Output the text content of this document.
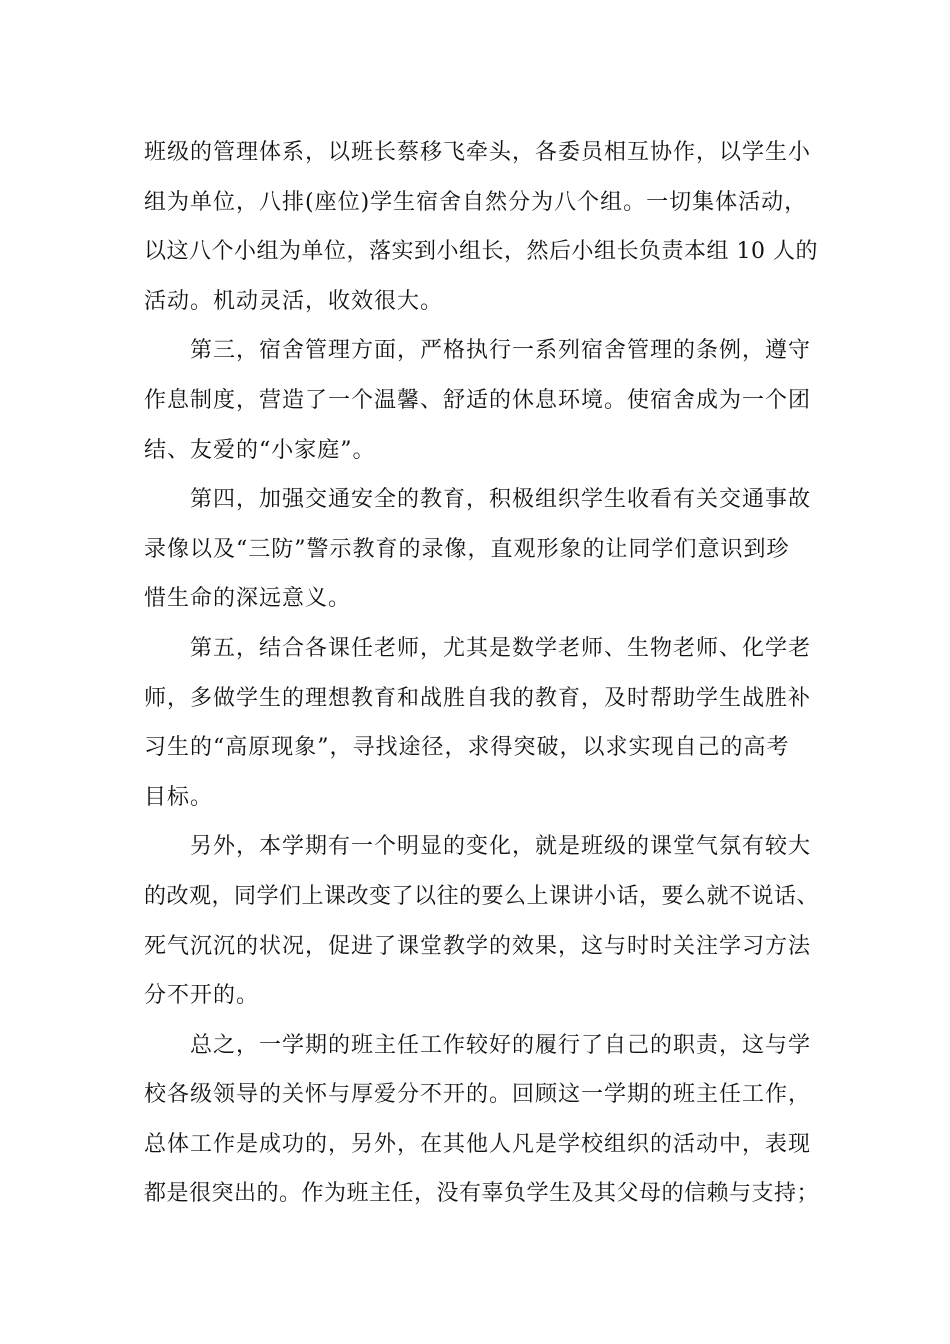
班级的管理体系，以班长蔡移飞牵头，各委员相互协作，以学生小
组为单位，八排(座位)学生宿舍自然分为八个组。一切集体活动，
以这八个小组为单位，落实到小组长，然后小组长负责本组 10 人的
活动。机动灵活，收效很大。
第三，宿舍管理方面，严格执行一系列宿舍管理的条例，遵守
作息制度，营造了一个温馨、舒适的休息环境。使宿舍成为一个团
结、友爱的“小家庭”。
第四，加强交通安全的教育，积极组织学生收看有关交通事故
录像以及“三防”警示教育的录像，直观形象的让同学们意识到珍
惜生命的深远意义。
第五，结合各课任老师，尤其是数学老师、生物老师、化学老
师，多做学生的理想教育和战胜自我的教育，及时帮助学生战胜补
习生的“高原现象”，寻找途径，求得突破，以求实现自己的高考
目标。
另外，本学期有一个明显的变化，就是班级的课堂气氛有较大
的改观，同学们上课改变了以往的要么上课讲小话，要么就不说话、
死气沉沉的状况，促进了课堂教学的效果，这与时时关注学习方法
分不开的。
总之，一学期的班主任工作较好的履行了自己的职责，这与学
校各级领导的关怀与厚爱分不开的。回顾这一学期的班主任工作，
总体工作是成功的，另外，在其他人凡是学校组织的活动中，表现
都是很突出的。作为班主任，没有辜负学生及其父母的信赖与支持；
